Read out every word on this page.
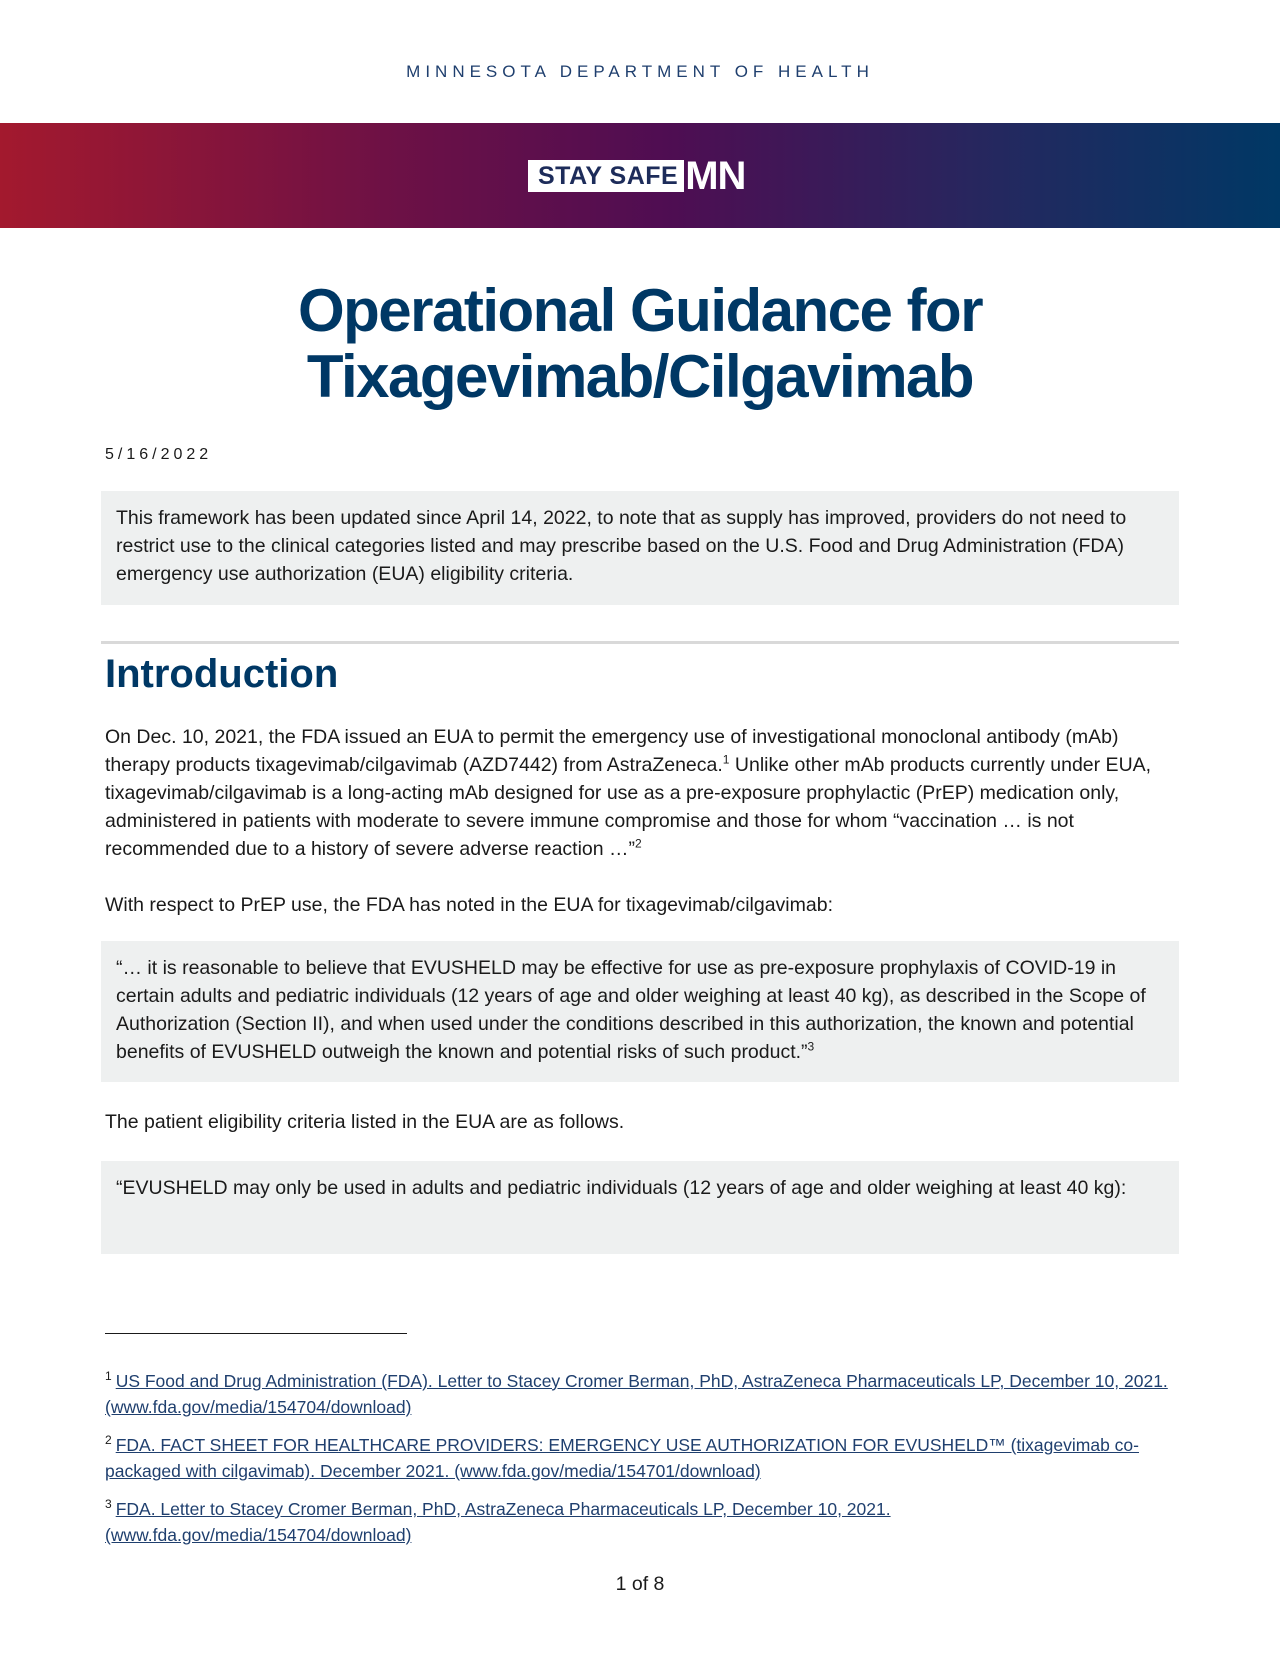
MINNESOTA DEPARTMENT OF HEALTH
STAY SAFE MN
Operational Guidance for
Tixagevimab/Cilgavimab
5/16/2022
This framework has been updated since April 14, 2022, to note that as supply has improved, providers do not need to restrict use to the clinical categories listed and may prescribe based on the U.S. Food and Drug Administration (FDA) emergency use authorization (EUA) eligibility criteria.
Introduction
On Dec. 10, 2021, the FDA issued an EUA to permit the emergency use of investigational monoclonal antibody (mAb) therapy products tixagevimab/cilgavimab (AZD7442) from AstraZeneca.$^1$ Unlike other mAb products currently under EUA, tixagevimab/cilgavimab is a long-acting mAb designed for use as a pre-exposure prophylactic (PrEP) medication only, administered in patients with moderate to severe immune compromise and those for whom “vaccination … is not recommended due to a history of severe adverse reaction …”$^2$
With respect to PrEP use, the FDA has noted in the EUA for tixagevimab/cilgavimab:
“… it is reasonable to believe that EVUSHELD may be effective for use as pre-exposure prophylaxis of COVID-19 in certain adults and pediatric individuals (12 years of age and older weighing at least 40 kg), as described in the Scope of Authorization (Section II), and when used under the conditions described in this authorization, the known and potential benefits of EVUSHELD outweigh the known and potential risks of such product.”$^3$
The patient eligibility criteria listed in the EUA are as follows.
“EVUSHELD may only be used in adults and pediatric individuals (12 years of age and older weighing at least 40 kg):
$^1$ US Food and Drug Administration (FDA). Letter to Stacey Cromer Berman, PhD, AstraZeneca Pharmaceuticals LP, December 10, 2021. (www.fda.gov/media/154704/download)
$^2$ FDA. FACT SHEET FOR HEALTHCARE PROVIDERS: EMERGENCY USE AUTHORIZATION FOR EVUSHELD™ (tixagevimab co-packaged with cilgavimab). December 2021. (www.fda.gov/media/154701/download)
$^3$ FDA. Letter to Stacey Cromer Berman, PhD, AstraZeneca Pharmaceuticals LP, December 10, 2021. (www.fda.gov/media/154704/download)
1 of 8
